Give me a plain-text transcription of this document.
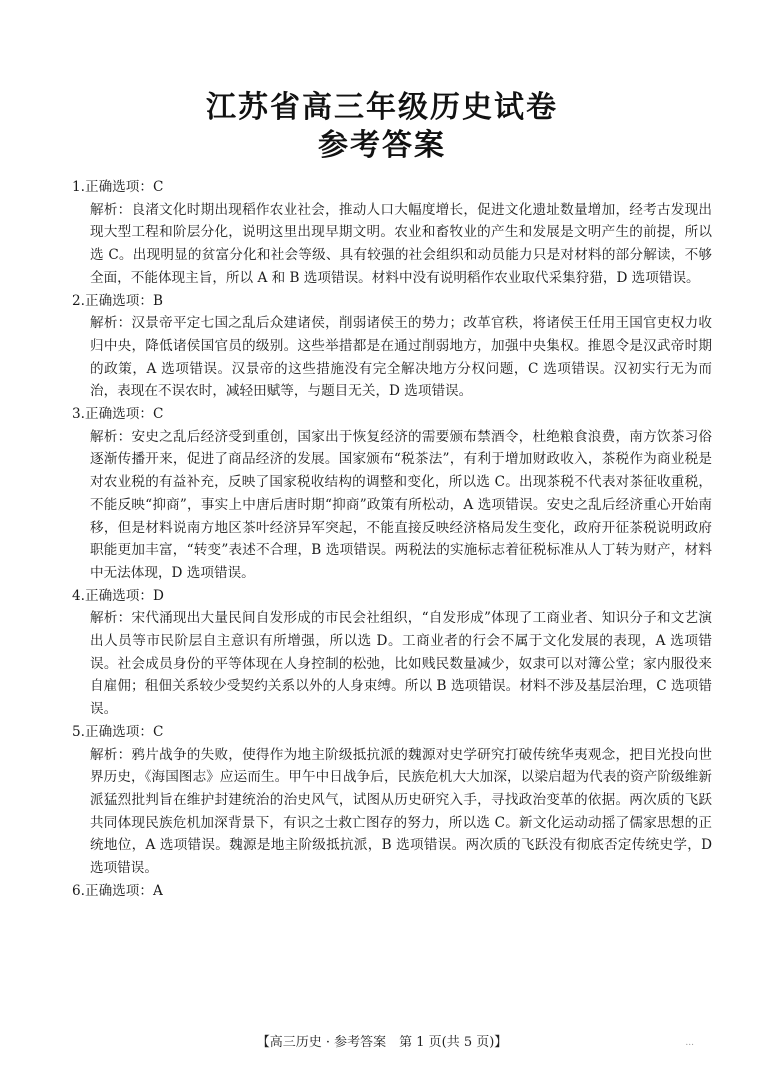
江苏省高三年级历史试卷
参考答案

1.正确选项：C

解析：良渚文化时期出现稻作农业社会，推动人口大幅度增长，促进文化遗址数量增加，经考古发现出现大型工程和阶层分化，说明这里出现早期文明。农业和畜牧业的产生和发展是文明产生的前提，所以选 C。出现明显的贫富分化和社会等级、具有较强的社会组织和动员能力只是对材料的部分解读，不够全面，不能体现主旨，所以 A 和 B 选项错误。材料中没有说明稻作农业取代采集狩猎，D 选项错误。

2.正确选项：B

解析：汉景帝平定七国之乱后众建诸侯，削弱诸侯王的势力；改革官秩，将诸侯王任用王国官吏权力收归中央，降低诸侯国官员的级别。这些举措都是在通过削弱地方，加强中央集权。推恩令是汉武帝时期的政策，A 选项错误。汉景帝的这些措施没有完全解决地方分权问题，C 选项错误。汉初实行无为而治，表现在不误农时，减轻田赋等，与题目无关，D 选项错误。

3.正确选项：C

解析：安史之乱后经济受到重创，国家出于恢复经济的需要颁布禁酒令，杜绝粮食浪费，南方饮茶习俗逐渐传播开来，促进了商品经济的发展。国家颁布“税茶法”，有利于增加财政收入，茶税作为商业税是对农业税的有益补充，反映了国家税收结构的调整和变化，所以选 C。出现茶税不代表对茶征收重税，不能反映“抑商”，事实上中唐后唐时期“抑商”政策有所松动，A 选项错误。安史之乱后经济重心开始南移，但是材料说南方地区茶叶经济异军突起，不能直接反映经济格局发生变化，政府开征茶税说明政府职能更加丰富，“转变”表述不合理，B 选项错误。两税法的实施标志着征税标准从人丁转为财产，材料中无法体现，D 选项错误。

4.正确选项：D

解析：宋代涌现出大量民间自发形成的市民会社组织，“自发形成”体现了工商业者、知识分子和文艺演出人员等市民阶层自主意识有所增强，所以选 D。工商业者的行会不属于文化发展的表现，A 选项错误。社会成员身份的平等体现在人身控制的松弛，比如贱民数量减少，奴隶可以对簿公堂；家内服役来自雇佣；租佃关系较少受契约关系以外的人身束缚。所以 B 选项错误。材料不涉及基层治理，C 选项错误。

5.正确选项：C

解析：鸦片战争的失败，使得作为地主阶级抵抗派的魏源对史学研究打破传统华夷观念，把目光投向世界历史，《海国图志》应运而生。甲午中日战争后，民族危机大大加深，以梁启超为代表的资产阶级维新派猛烈批判旨在维护封建统治的治史风气，试图从历史研究入手，寻找政治变革的依据。两次质的飞跃共同体现民族危机加深背景下，有识之士救亡图存的努力，所以选 C。新文化运动动摇了儒家思想的正统地位，A 选项错误。魏源是地主阶级抵抗派，B 选项错误。两次质的飞跃没有彻底否定传统史学，D 选项错误。

6.正确选项：A

【高三历史 · 参考答案　第 1 页(共 5 页)】	...
